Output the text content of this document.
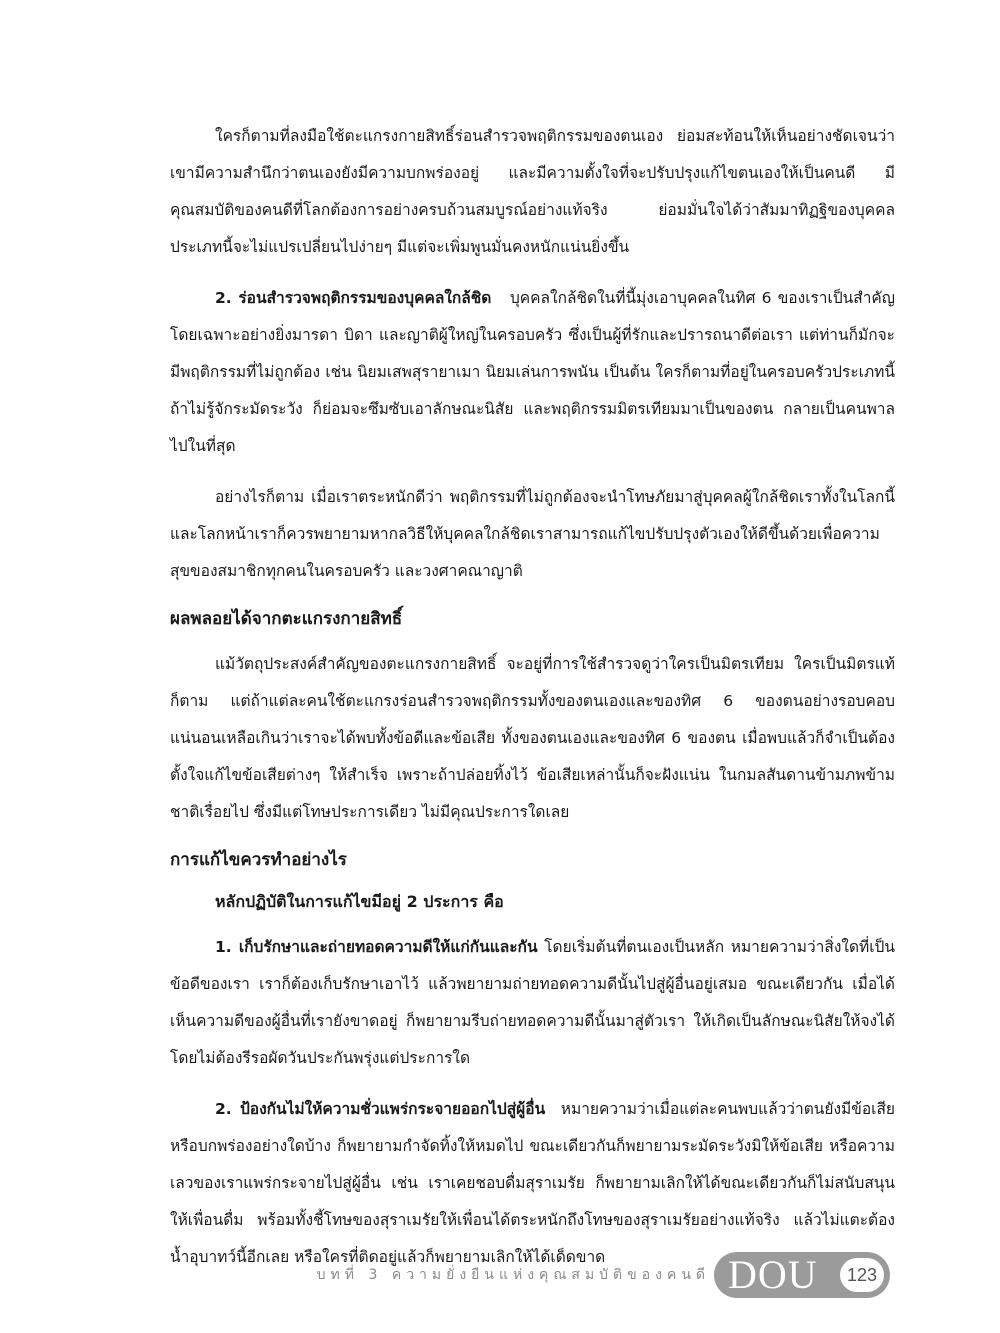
ใครก็ตามที่ลงมือใช้ตะแกรงกายสิทธิ์ร่อนสำรวจพฤติกรรมของตนเอง ย่อมสะท้อนให้เห็นอย่างชัดเจนว่าเขามีความสำนึกว่าตนเองยังมีความบกพร่องอยู่ และมีความตั้งใจที่จะปรับปรุงแก้ไขตนเองให้เป็นคนดี มีคุณสมบัติของคนดีที่โลกต้องการอย่างครบถ้วนสมบูรณ์อย่างแท้จริง ย่อมมั่นใจได้ว่าสัมมาทิฏฐิของบุคคลประเภทนี้จะไม่แปรเปลี่ยนไปง่ายๆ มีแต่จะเพิ่มพูนมั่นคงหนักแน่นยิ่งขึ้น

2. ร่อนสำรวจพฤติกรรมของบุคคลใกล้ชิด บุคคลใกล้ชิดในที่นี้มุ่งเอาบุคคลในทิศ 6 ของเราเป็นสำคัญ โดยเฉพาะอย่างยิ่งมารดา บิดา และญาติผู้ใหญ่ในครอบครัว ซึ่งเป็นผู้ที่รักและปรารถนาดีต่อเรา แต่ท่านก็มักจะมีพฤติกรรมที่ไม่ถูกต้อง เช่น นิยมเสพสุรายาเมา นิยมเล่นการพนัน เป็นต้น ใครก็ตามที่อยู่ในครอบครัวประเภทนี้ ถ้าไม่รู้จักระมัดระวัง ก็ย่อมจะซึมซับเอาลักษณะนิสัย และพฤติกรรมมิตรเทียมมาเป็นของตน กลายเป็นคนพาลไปในที่สุด

อย่างไรก็ตาม เมื่อเราตระหนักดีว่า พฤติกรรมที่ไม่ถูกต้องจะนำโทษภัยมาสู่บุคคลผู้ใกล้ชิดเราทั้งในโลกนี้และโลกหน้าเราก็ควรพยายามหากลวิธีให้บุคคลใกล้ชิดเราสามารถแก้ไขปรับปรุงตัวเองให้ดีขึ้นด้วยเพื่อความสุขของสมาชิกทุกคนในครอบครัว และวงศาคณาญาติ

ผลพลอยได้จากตะแกรงกายสิทธิ์

แม้วัตถุประสงค์สำคัญของตะแกรงกายสิทธิ์ จะอยู่ที่การใช้สำรวจดูว่าใครเป็นมิตรเทียม ใครเป็นมิตรแท้ก็ตาม แต่ถ้าแต่ละคนใช้ตะแกรงร่อนสำรวจพฤติกรรมทั้งของตนเองและของทิศ 6 ของตนอย่างรอบคอบ แน่นอนเหลือเกินว่าเราจะได้พบทั้งข้อดีและข้อเสีย ทั้งของตนเองและของทิศ 6 ของตน เมื่อพบแล้วก็จำเป็นต้องตั้งใจแก้ไขข้อเสียต่างๆ ให้สำเร็จ เพราะถ้าปล่อยทิ้งไว้ ข้อเสียเหล่านั้นก็จะฝังแน่น ในกมลสันดานข้ามภพข้ามชาติเรื่อยไป ซึ่งมีแต่โทษประการเดียว ไม่มีคุณประการใดเลย

การแก้ไขควรทำอย่างไร
หลักปฏิบัติในการแก้ไขมีอยู่ 2 ประการ คือ

1. เก็บรักษาและถ่ายทอดความดีให้แก่กันและกัน โดยเริ่มต้นที่ตนเองเป็นหลัก หมายความว่าสิ่งใดที่เป็นข้อดีของเรา เราก็ต้องเก็บรักษาเอาไว้ แล้วพยายามถ่ายทอดความดีนั้นไปสู่ผู้อื่นอยู่เสมอ ขณะเดียวกัน เมื่อได้เห็นความดีของผู้อื่นที่เรายังขาดอยู่ ก็พยายามรีบถ่ายทอดความดีนั้นมาสู่ตัวเรา ให้เกิดเป็นลักษณะนิสัยให้จงได้ โดยไม่ต้องรีรอผัดวันประกันพรุ่งแต่ประการใด

2. ป้องกันไม่ให้ความชั่วแพร่กระจายออกไปสู่ผู้อื่น หมายความว่าเมื่อแต่ละคนพบแล้วว่าตนยังมีข้อเสีย หรือบกพร่องอย่างใดบ้าง ก็พยายามกำจัดทิ้งให้หมดไป ขณะเดียวกันก็พยายามระมัดระวังมิให้ข้อเสีย หรือความเลวของเราแพร่กระจายไปสู่ผู้อื่น เช่น เราเคยชอบดื่มสุราเมรัย ก็พยายามเลิกให้ได้ขณะเดียวกันก็ไม่สนับสนุนให้เพื่อนดื่ม พร้อมทั้งชี้โทษของสุราเมรัยให้เพื่อนได้ตระหนักถึงโทษของสุราเมรัยอย่างแท้จริง แล้วไม่แตะต้องน้ำอุบาทว์นี้อีกเลย หรือใครที่ติดอยู่แล้วก็พยายามเลิกให้ได้เด็ดขาด

บทที่ 3 ความยั่งยืนแห่งคุณสมบัติของคนดี DOU	123
